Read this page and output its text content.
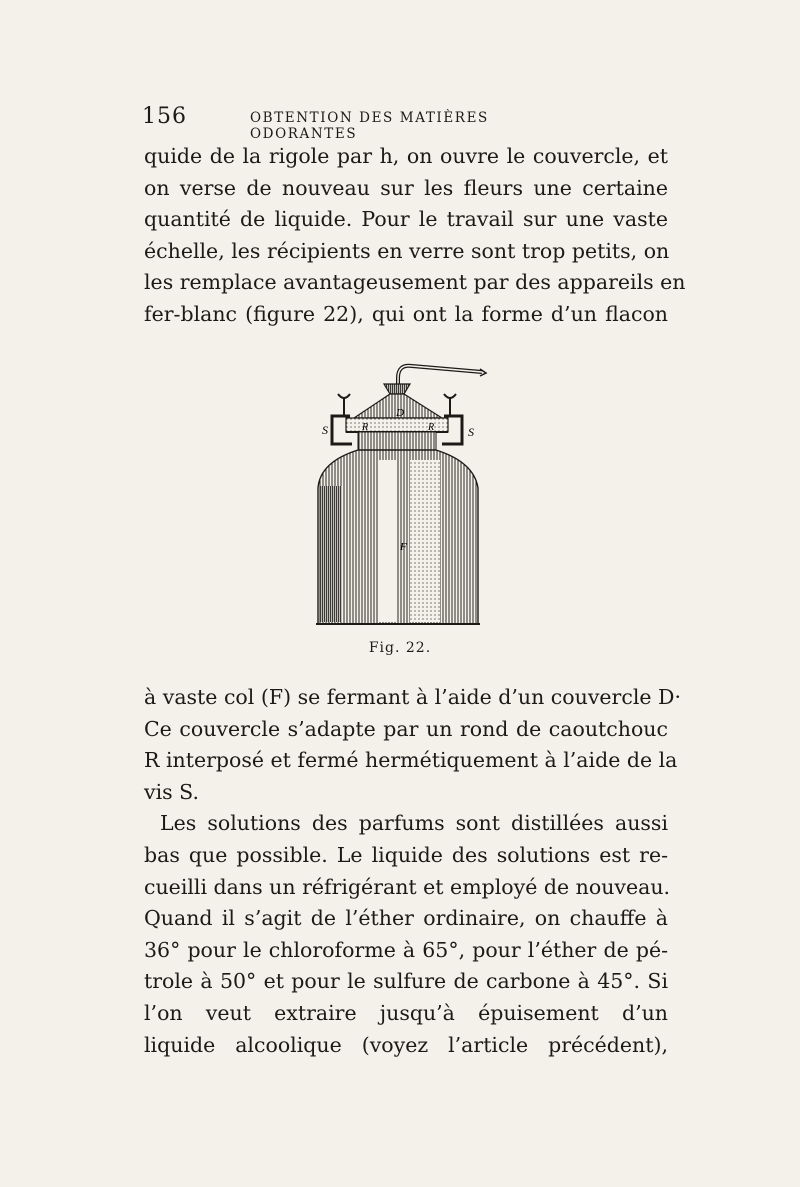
156	OBTENTION DES MATIÈRES ODORANTES
quide de la rigole par h, on ouvre le couvercle, et
on verse de nouveau sur les fleurs une certaine
quantité de liquide. Pour le travail sur une vaste
échelle, les récipients en verre sont trop petits, on
les remplace avantageusement par des appareils en
fer-blanc (figure 22), qui ont la forme d’un flacon
S	S
D
R	R
F
Fig. 22.
à vaste col (F) se fermant à l’aide d’un couvercle D·
Ce couvercle s’adapte par un rond de caoutchouc
R interposé et fermé hermétiquement à l’aide de la
vis S.
Les solutions des parfums sont distillées aussi
bas que possible. Le liquide des solutions est re-
cueilli dans un réfrigérant et employé de nouveau.
Quand il s’agit de l’éther ordinaire, on chauffe à
36° pour le chloroforme à 65°, pour l’éther de pé-
trole à 50° et pour le sulfure de carbone à 45°. Si
l’on veut extraire jusqu’à épuisement d’un
liquide alcoolique (voyez l’article précédent),
